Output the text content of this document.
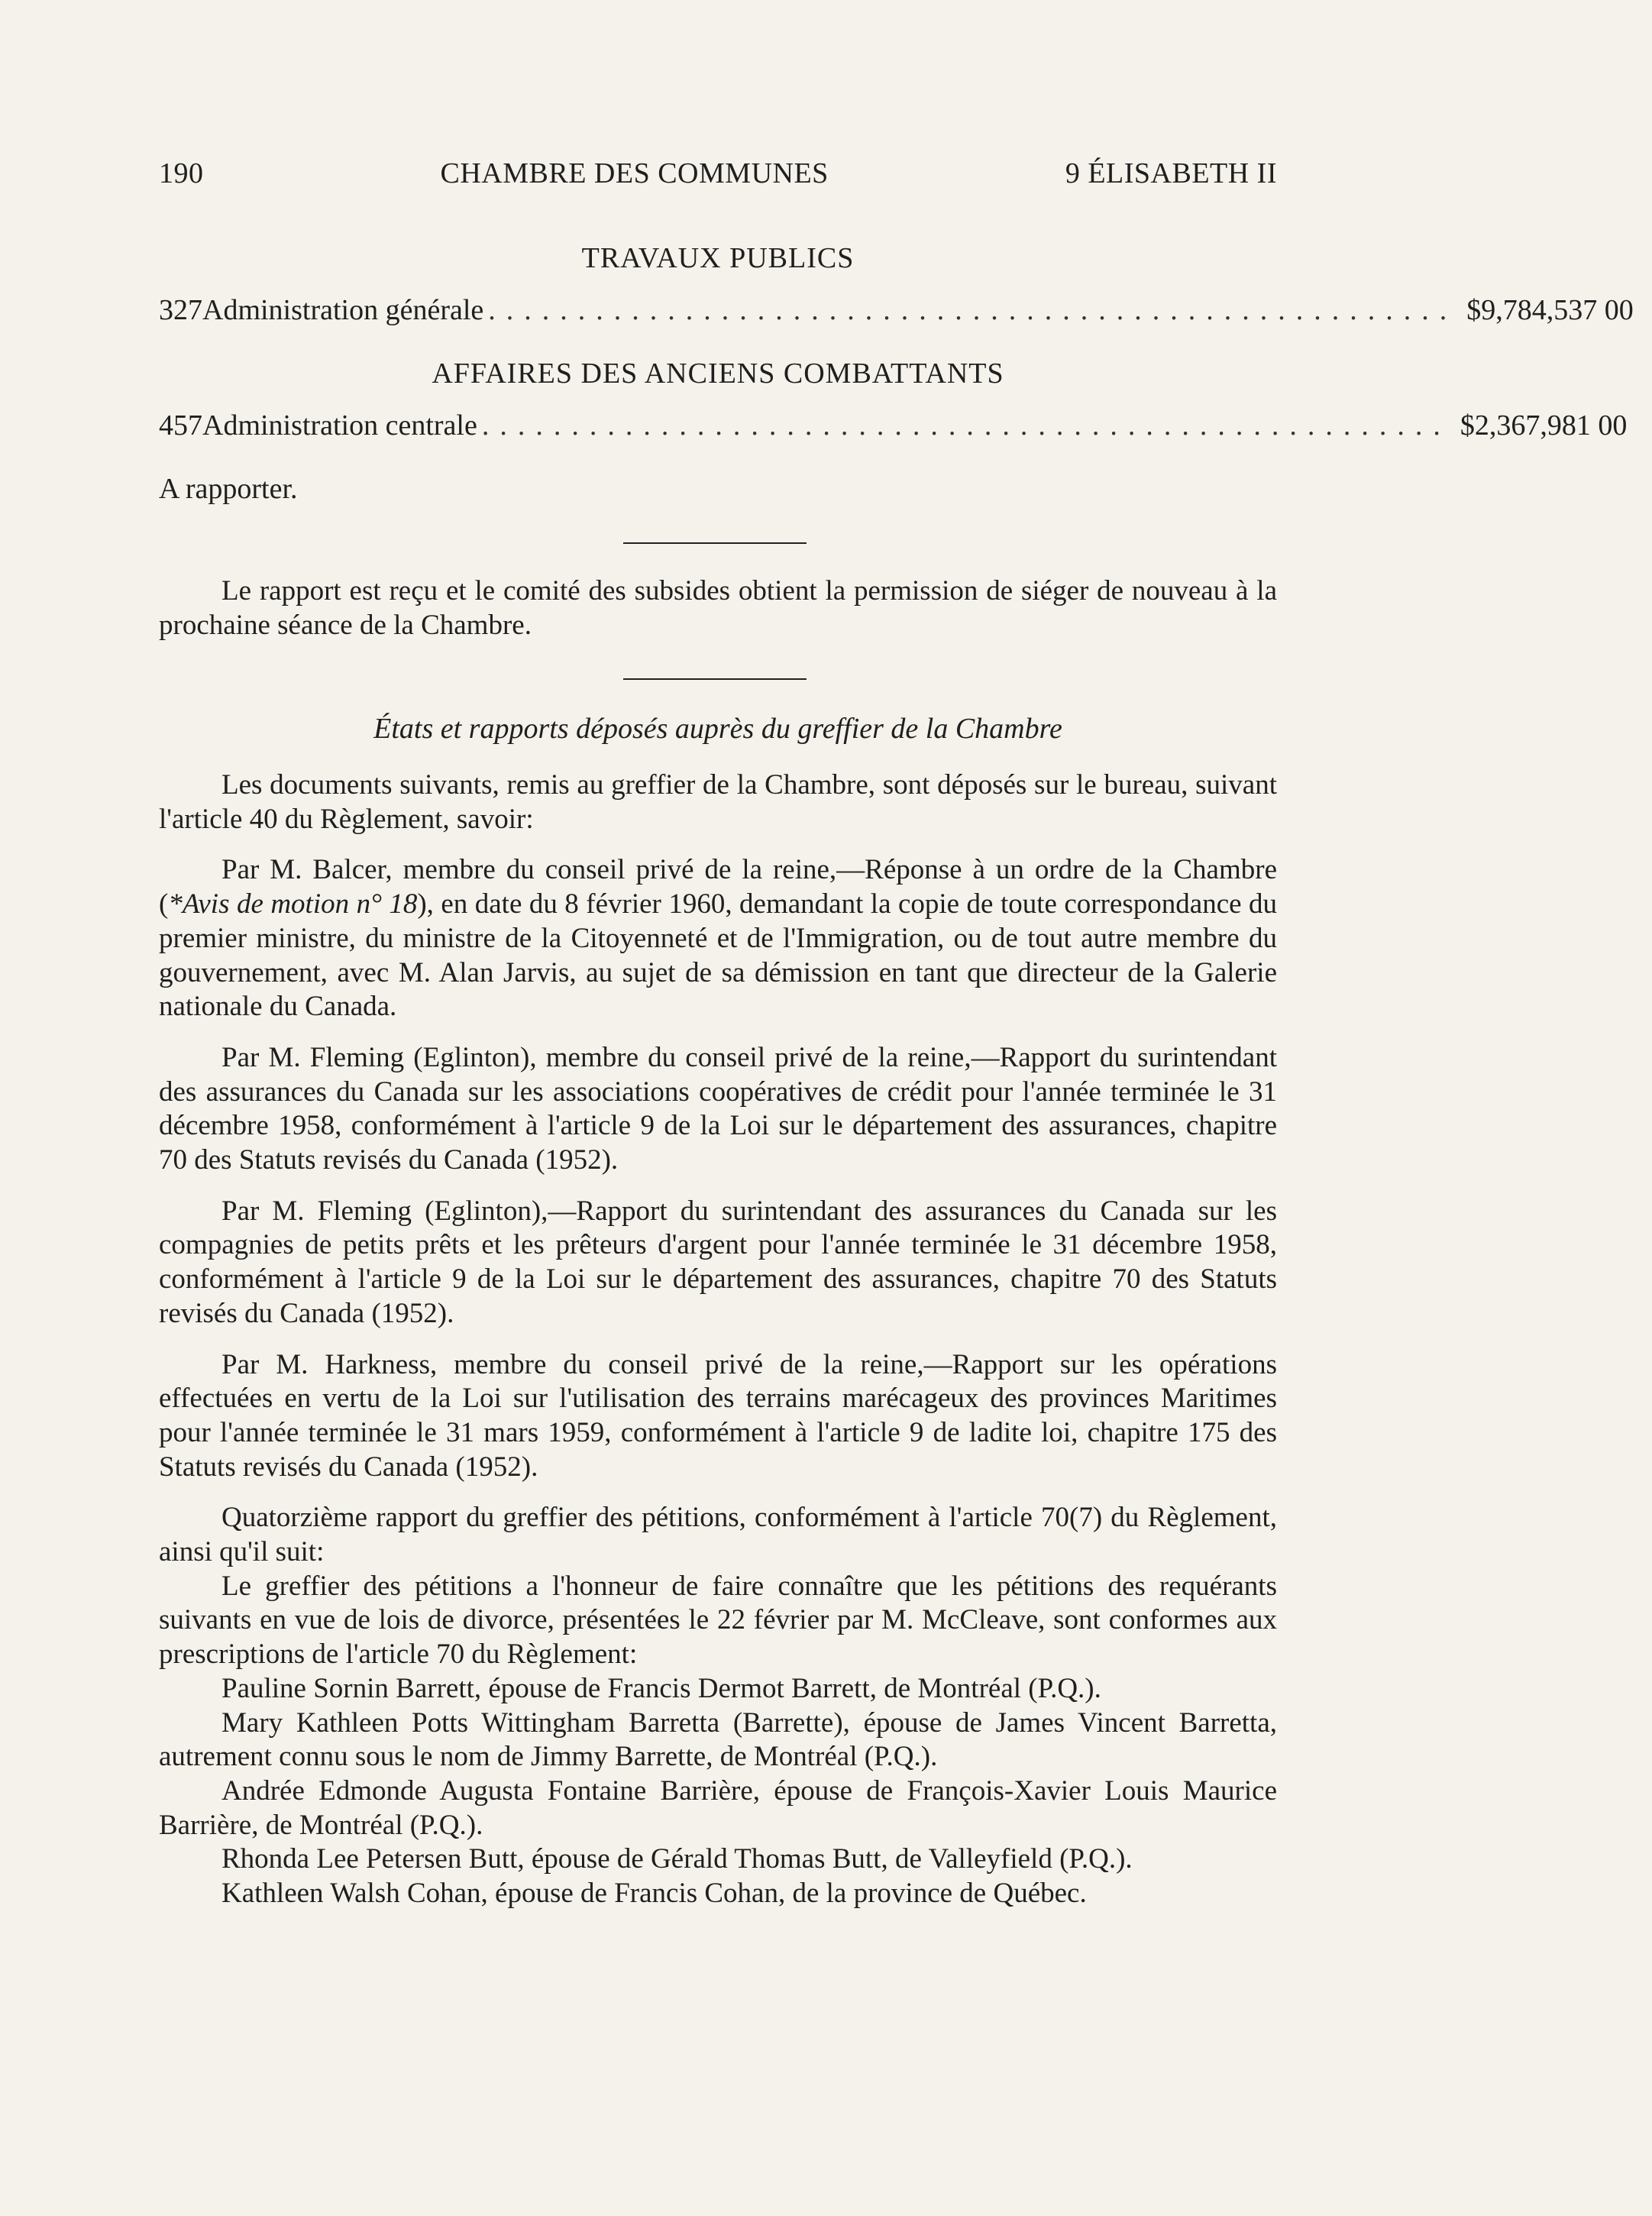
190	CHAMBRE DES COMMUNES	9 ÉLISABETH II
TRAVAUX PUBLICS
327 Administration générale ...................................................... $ 9,784,537 00
AFFAIRES DES ANCIENS COMBATTANTS
457 Administration centrale ...................................................... $ 2,367,981 00
A rapporter.

Le rapport est reçu et le comité des subsides obtient la permission de siéger de nouveau à la prochaine séance de la Chambre.

États et rapports déposés auprès du greffier de la Chambre

Les documents suivants, remis au greffier de la Chambre, sont déposés sur le bureau, suivant l'article 40 du Règlement, savoir:

Par M. Balcer, membre du conseil privé de la reine,—Réponse à un ordre de la Chambre (*Avis de motion n° 18), en date du 8 février 1960, demandant la copie de toute correspondance du premier ministre, du ministre de la Citoyenneté et de l'Immigration, ou de tout autre membre du gouvernement, avec M. Alan Jarvis, au sujet de sa démission en tant que directeur de la Galerie nationale du Canada.

Par M. Fleming (Eglinton), membre du conseil privé de la reine,—Rapport du surintendant des assurances du Canada sur les associations coopératives de crédit pour l'année terminée le 31 décembre 1958, conformément à l'article 9 de la Loi sur le département des assurances, chapitre 70 des Statuts revisés du Canada (1952).

Par M. Fleming (Eglinton),—Rapport du surintendant des assurances du Canada sur les compagnies de petits prêts et les prêteurs d'argent pour l'année terminée le 31 décembre 1958, conformément à l'article 9 de la Loi sur le département des assurances, chapitre 70 des Statuts revisés du Canada (1952).

Par M. Harkness, membre du conseil privé de la reine,—Rapport sur les opérations effectuées en vertu de la Loi sur l'utilisation des terrains marécageux des provinces Maritimes pour l'année terminée le 31 mars 1959, conformément à l'article 9 de ladite loi, chapitre 175 des Statuts revisés du Canada (1952).

Quatorzième rapport du greffier des pétitions, conformément à l'article 70(7) du Règlement, ainsi qu'il suit:

Le greffier des pétitions a l'honneur de faire connaître que les pétitions des requérants suivants en vue de lois de divorce, présentées le 22 février par M. McCleave, sont conformes aux prescriptions de l'article 70 du Règlement:

Pauline Sornin Barrett, épouse de Francis Dermot Barrett, de Montréal (P.Q.).

Mary Kathleen Potts Wittingham Barretta (Barrette), épouse de James Vincent Barretta, autrement connu sous le nom de Jimmy Barrette, de Montréal (P.Q.).

Andrée Edmonde Augusta Fontaine Barrière, épouse de François-Xavier Louis Maurice Barrière, de Montréal (P.Q.).

Rhonda Lee Petersen Butt, épouse de Gérald Thomas Butt, de Valleyfield (P.Q.).

Kathleen Walsh Cohan, épouse de Francis Cohan, de la province de Québec.
